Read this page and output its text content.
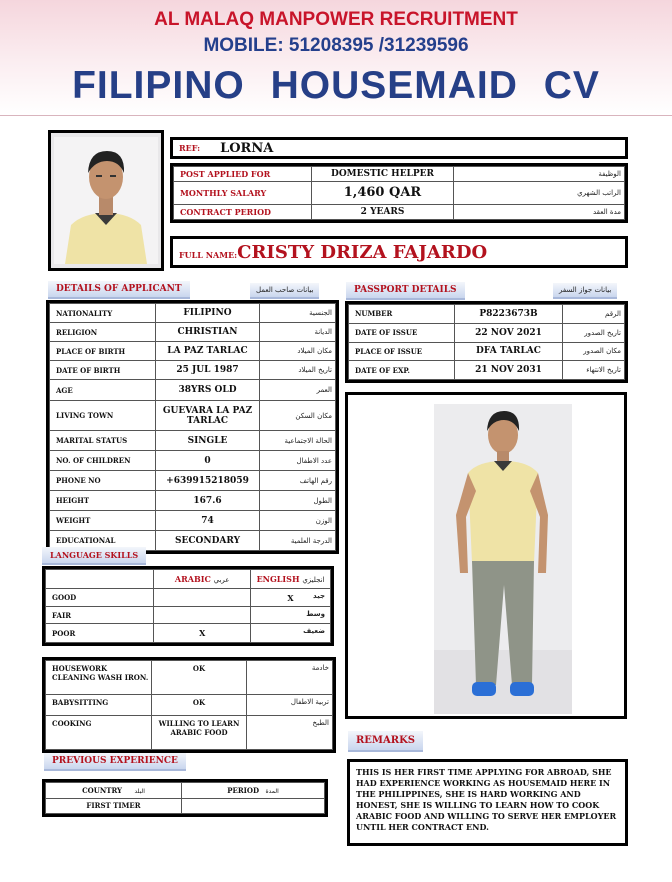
AL MALAQ MANPOWER RECRUITMENT
MOBILE: 51208395 /31239596
FILIPINO HOUSEMAID CV
REF: LORNA
POST APPLIED FOR	DOMESTIC HELPER	الوظيفة
MONTHLY SALARY	1,460 QAR	الراتب الشهري
CONTRACT PERIOD	2 YEARS	مدة العقد
FULL NAME: CRISTY DRIZA FAJARDO
DETAILS OF APPLICANT	بيانات صاحب العمل
NATIONALITY	FILIPINO	الجنسية
RELIGION	CHRISTIAN	الديانة
PLACE OF BIRTH	LA PAZ TARLAC	مكان الميلاد
DATE OF BIRTH	25 JUL 1987	تاريخ الميلاد
AGE	38YRS OLD	العمر
LIVING TOWN	GUEVARA LA PAZ TARLAC	مكان السكن
MARITAL STATUS	SINGLE	الحالة الاجتماعية
NO. OF CHILDREN	0	عدد الاطفال
PHONE NO	+639915218059	رقم الهاتف
HEIGHT	167.6	الطول
WEIGHT	74	الوزن
EDUCATIONAL	SECONDARY	الدرجة العلمية
PASSPORT DETAILS	بيانات جواز السفر
NUMBER	P8223673B	الرقم
DATE OF ISSUE	22 NOV 2021	تاريخ الصدور
PLACE OF ISSUE	DFA TARLAC	مكان الصدور
DATE OF EXP.	21 NOV 2031	تاريخ الانتهاء
LANGUAGE SKILLS
	ARABIC عربي	ENGLISH انجليزي
GOOD		X جيد

FAIR		وسط

POOR	X	ضعيف
HOUSEWORK CLEANING WASH IRON.	OK	خادمة
BABYSITTING	OK	تربية الاطفال
COOKING	WILLING TO LEARN ARABIC FOOD	الطبخ
PREVIOUS EXPERIENCE
COUNTRY البلد	PERIOD المدة
FIRST TIMER	
REMARKS
THIS IS HER FIRST TIME APPLYING FOR ABROAD, SHE HAD EXPERIENCE WORKING AS HOUSEMAID HERE IN THE PHILIPPINES, SHE IS HARD WORKING AND HONEST, SHE IS WILLING TO LEARN HOW TO COOK ARABIC FOOD AND WILLING TO SERVE HER EMPLOYER UNTIL HER CONTRACT END.
